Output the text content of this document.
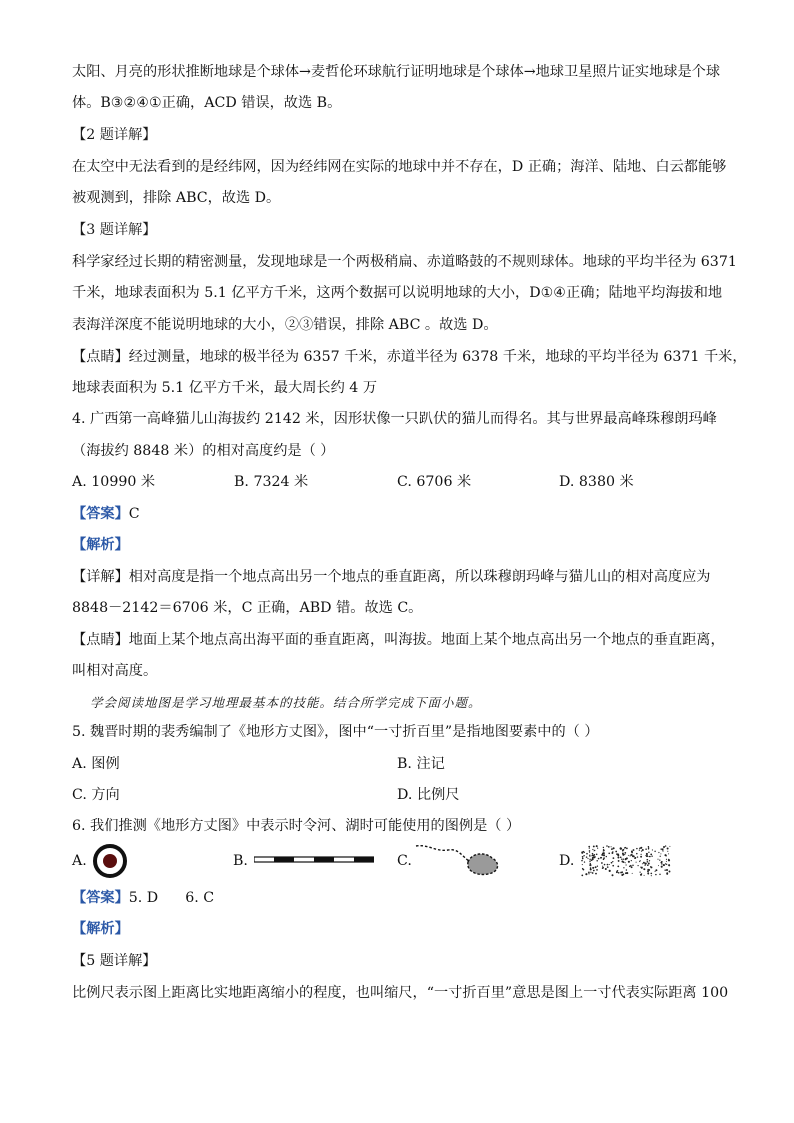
太阳、月亮的形状推断地球是个球体→麦哲伦环球航行证明地球是个球体→地球卫星照片证实地球是个球
体。B③②④①正确，ACD 错误，故选 B。
【2 题详解】
在太空中无法看到的是经纬网，因为经纬网在实际的地球中并不存在，D 正确；海洋、陆地、白云都能够
被观测到，排除 ABC，故选 D。
【3 题详解】
科学家经过长期的精密测量，发现地球是一个两极稍扁、赤道略鼓的不规则球体。地球的平均半径为 6371
千米，地球表面积为 5.1 亿平方千米，这两个数据可以说明地球的大小，D①④正确；陆地平均海拔和地
表海洋深度不能说明地球的大小，②③错误，排除 ABC 。故选 D。
【点睛】经过测量，地球的极半径为 6357 千米，赤道半径为 6378 千米，地球的平均半径为 6371 千米，
地球表面积为 5.1 亿平方千米，最大周长约 4 万
4. 广西第一高峰猫儿山海拔约 2142 米，因形状像一只趴伏的猫儿而得名。其与世界最高峰珠穆朗玛峰
（海拔约 8848 米）的相对高度约是（ ）
A. 10990 米	B. 7324 米	C. 6706 米	D. 8380 米
【答案】C
【解析】
【详解】相对高度是指一个地点高出另一个地点的垂直距离，所以珠穆朗玛峰与猫儿山的相对高度应为
8848－2142＝6706 米，C 正确，ABD 错。故选 C。
【点睛】地面上某个地点高出海平面的垂直距离，叫海拔。地面上某个地点高出另一个地点的垂直距离，
叫相对高度。
学会阅读地图是学习地理最基本的技能。结合所学完成下面小题。
5. 魏晋时期的裴秀编制了《地形方丈图》，图中“一寸折百里”是指地图要素中的（ ）
A. 图例	B. 注记
C. 方向	D. 比例尺
6. 我们推测《地形方丈图》中表示时令河、湖时可能使用的图例是（ ）
A.	B.	C.	D.
【答案】5. D      6. C
【解析】
【5 题详解】
比例尺表示图上距离比实地距离缩小的程度，也叫缩尺，“一寸折百里”意思是图上一寸代表实际距离 100
